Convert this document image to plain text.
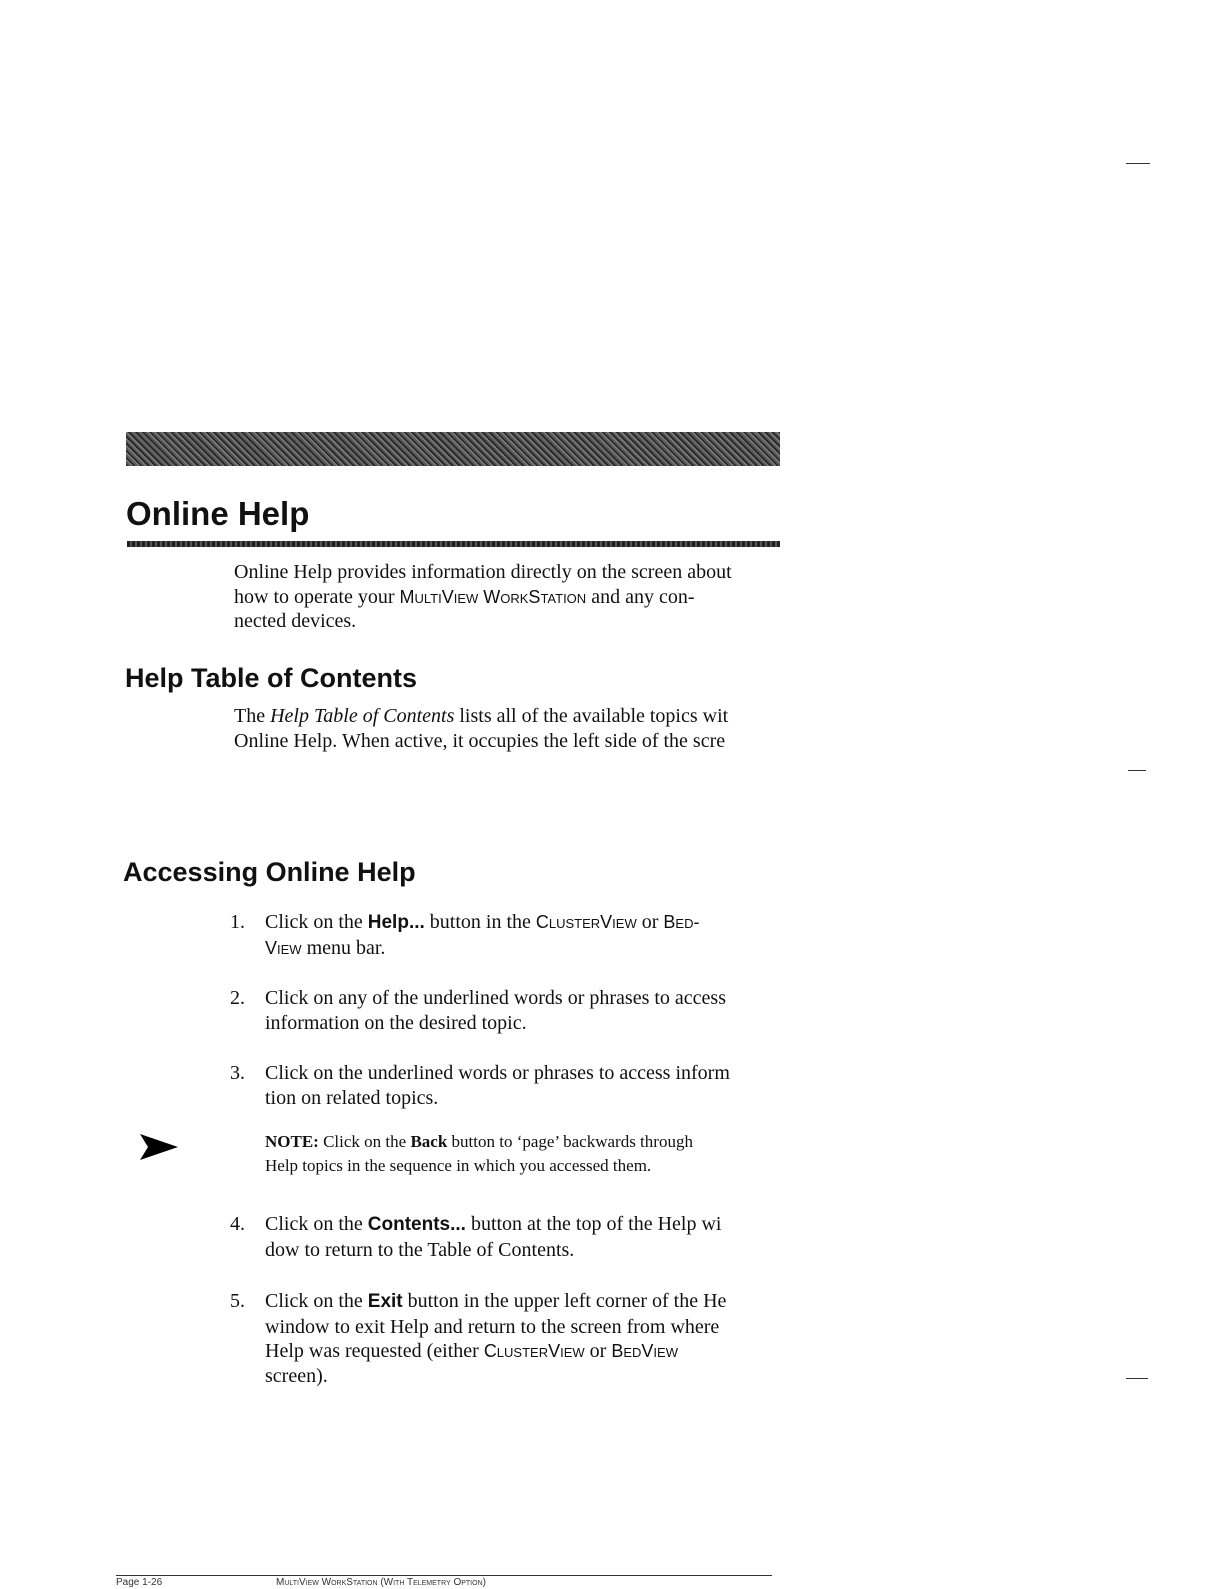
Online Help

Online Help provides information directly on the screen about
how to operate your MultiView WorkStation and any con-
nected devices.

Help Table of Contents

The Help Table of Contents lists all of the available topics wit
Online Help. When active, it occupies the left side of the scre

Accessing Online Help
1.	Click on the Help... button in the ClusterView or Bed-
View menu bar.
2.	Click on any of the underlined words or phrases to access
information on the desired topic.
3.	Click on the underlined words or phrases to access inform
tion on related topics.

NOTE: Click on the Back button to ‘page’ backwards through
Help topics in the sequence in which you accessed them.

4.	Click on the Contents... button at the top of the Help wi
dow to return to the Table of Contents.
5.	Click on the Exit button in the upper left corner of the He
window to exit Help and return to the screen from where
Help was requested (either ClusterView or BedView
screen).
Page 1-26	MultiView WorkStation (With Telemetry Option)
